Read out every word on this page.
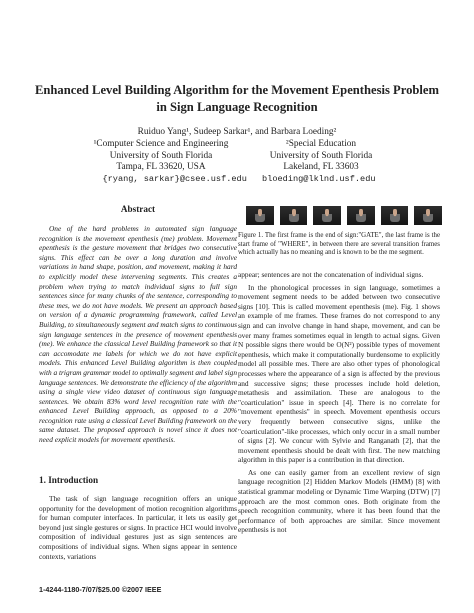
Enhanced Level Building Algorithm for the Movement Epenthesis Problem in Sign Language Recognition
Ruiduo Yang¹, Sudeep Sarkar¹, and Barbara Loeding²
¹Computer Science and Engineering
University of South Florida
Tampa, FL 33620, USA
²Special Education
University of South Florida
Lakeland, FL 33603
{ryang, sarkar}@csee.usf.edu bloeding@lklnd.usf.edu
Abstract
One of the hard problems in automated sign language recognition is the movement epenthesis (me) problem. Movement epenthesis is the gesture movement that bridges two consecutive signs. This effect can be over a long duration and involve variations in hand shape, position, and movement, making it hard to explicitly model these intervening segments. This creates a problem when trying to match individual signs to full sign sentences since for many chunks of the sentence, corresponding to these mes, we do not have models. We present an approach based on version of a dynamic programming framework, called Level Building, to simultaneously segment and match signs to continuous sign language sentences in the presence of movement epenthesis (me). We enhance the classical Level Building framework so that it can accomodate me labels for which we do not have explicit models. This enhanced Level Building algorithm is then coupled with a trigram grammar model to optimally segment and label sign language sentences. We demonstrate the efficiency of the algorithm using a single view video dataset of continuous sign language sentences. We obtain 83% word level recognition rate with the enhanced Level Building approach, as opposed to a 20% recognition rate using a classical Level Building framework on the same dataset. The proposed approach is novel since it does not need explicit models for movement epenthesis.
1. Introduction
The task of sign language recognition offers an unique opportunity for the development of motion recognition algorithms for human computer interfaces. In particular, it lets us easily get beyond just single gestures or signs. In practice HCI would involve composition of individual gestures just as sign sentences are compositions of individual signs. When signs appear in sentence contexts, variations
Figure 1. The first frame is the end of sign:"GATE", the last frame is the start frame of "WHERE", in between there are several transition frames which actually has no meaning and is known to be the me segment.

appear; sentences are not the concatenation of individual signs.

In the phonological processes in sign language, sometimes a movement segment needs to be added between two consecutive signs [10]. This is called movement epenthesis (me). Fig. 1 shows an example of me frames. These frames do not correspond to any sign and can involve change in hand shape, movement, and can be over many frames sometimes equal in length to actual signs. Given N possible signs there would be O(N²) possible types of movement epenthesis, which make it computationally burdensome to explicitly model all possible mes. There are also other types of phonological processes where the appearance of a sign is affected by the previous and successive signs; these processes include hold deletion, metathesis and assimilation. These are analogous to the "coarticulation" issue in speech [4]. There is no correlate for "movement epenthesis" in speech. Movement epenthesis occurs very frequently between consecutive signs, unlike the "coarticulation"-like processes, which only occur in a small number of signs [2]. We concur with Sylvie and Ranganath [2], that the movement epenthesis should be dealt with first. The new matching algorithm in this paper is a contribution in that direction.

As one can easily garner from an excellent review of sign language recognition [2] Hidden Markov Models (HMM) [8] with statistical grammar modeling or Dynamic Time Warping (DTW) [7] approach are the most common ones. Both originate from the speech recognition community, where it has been found that the performance of both approaches are similar. Since movement epenthesis is not

1-4244-1180-7/07/$25.00 ©2007 IEEE
